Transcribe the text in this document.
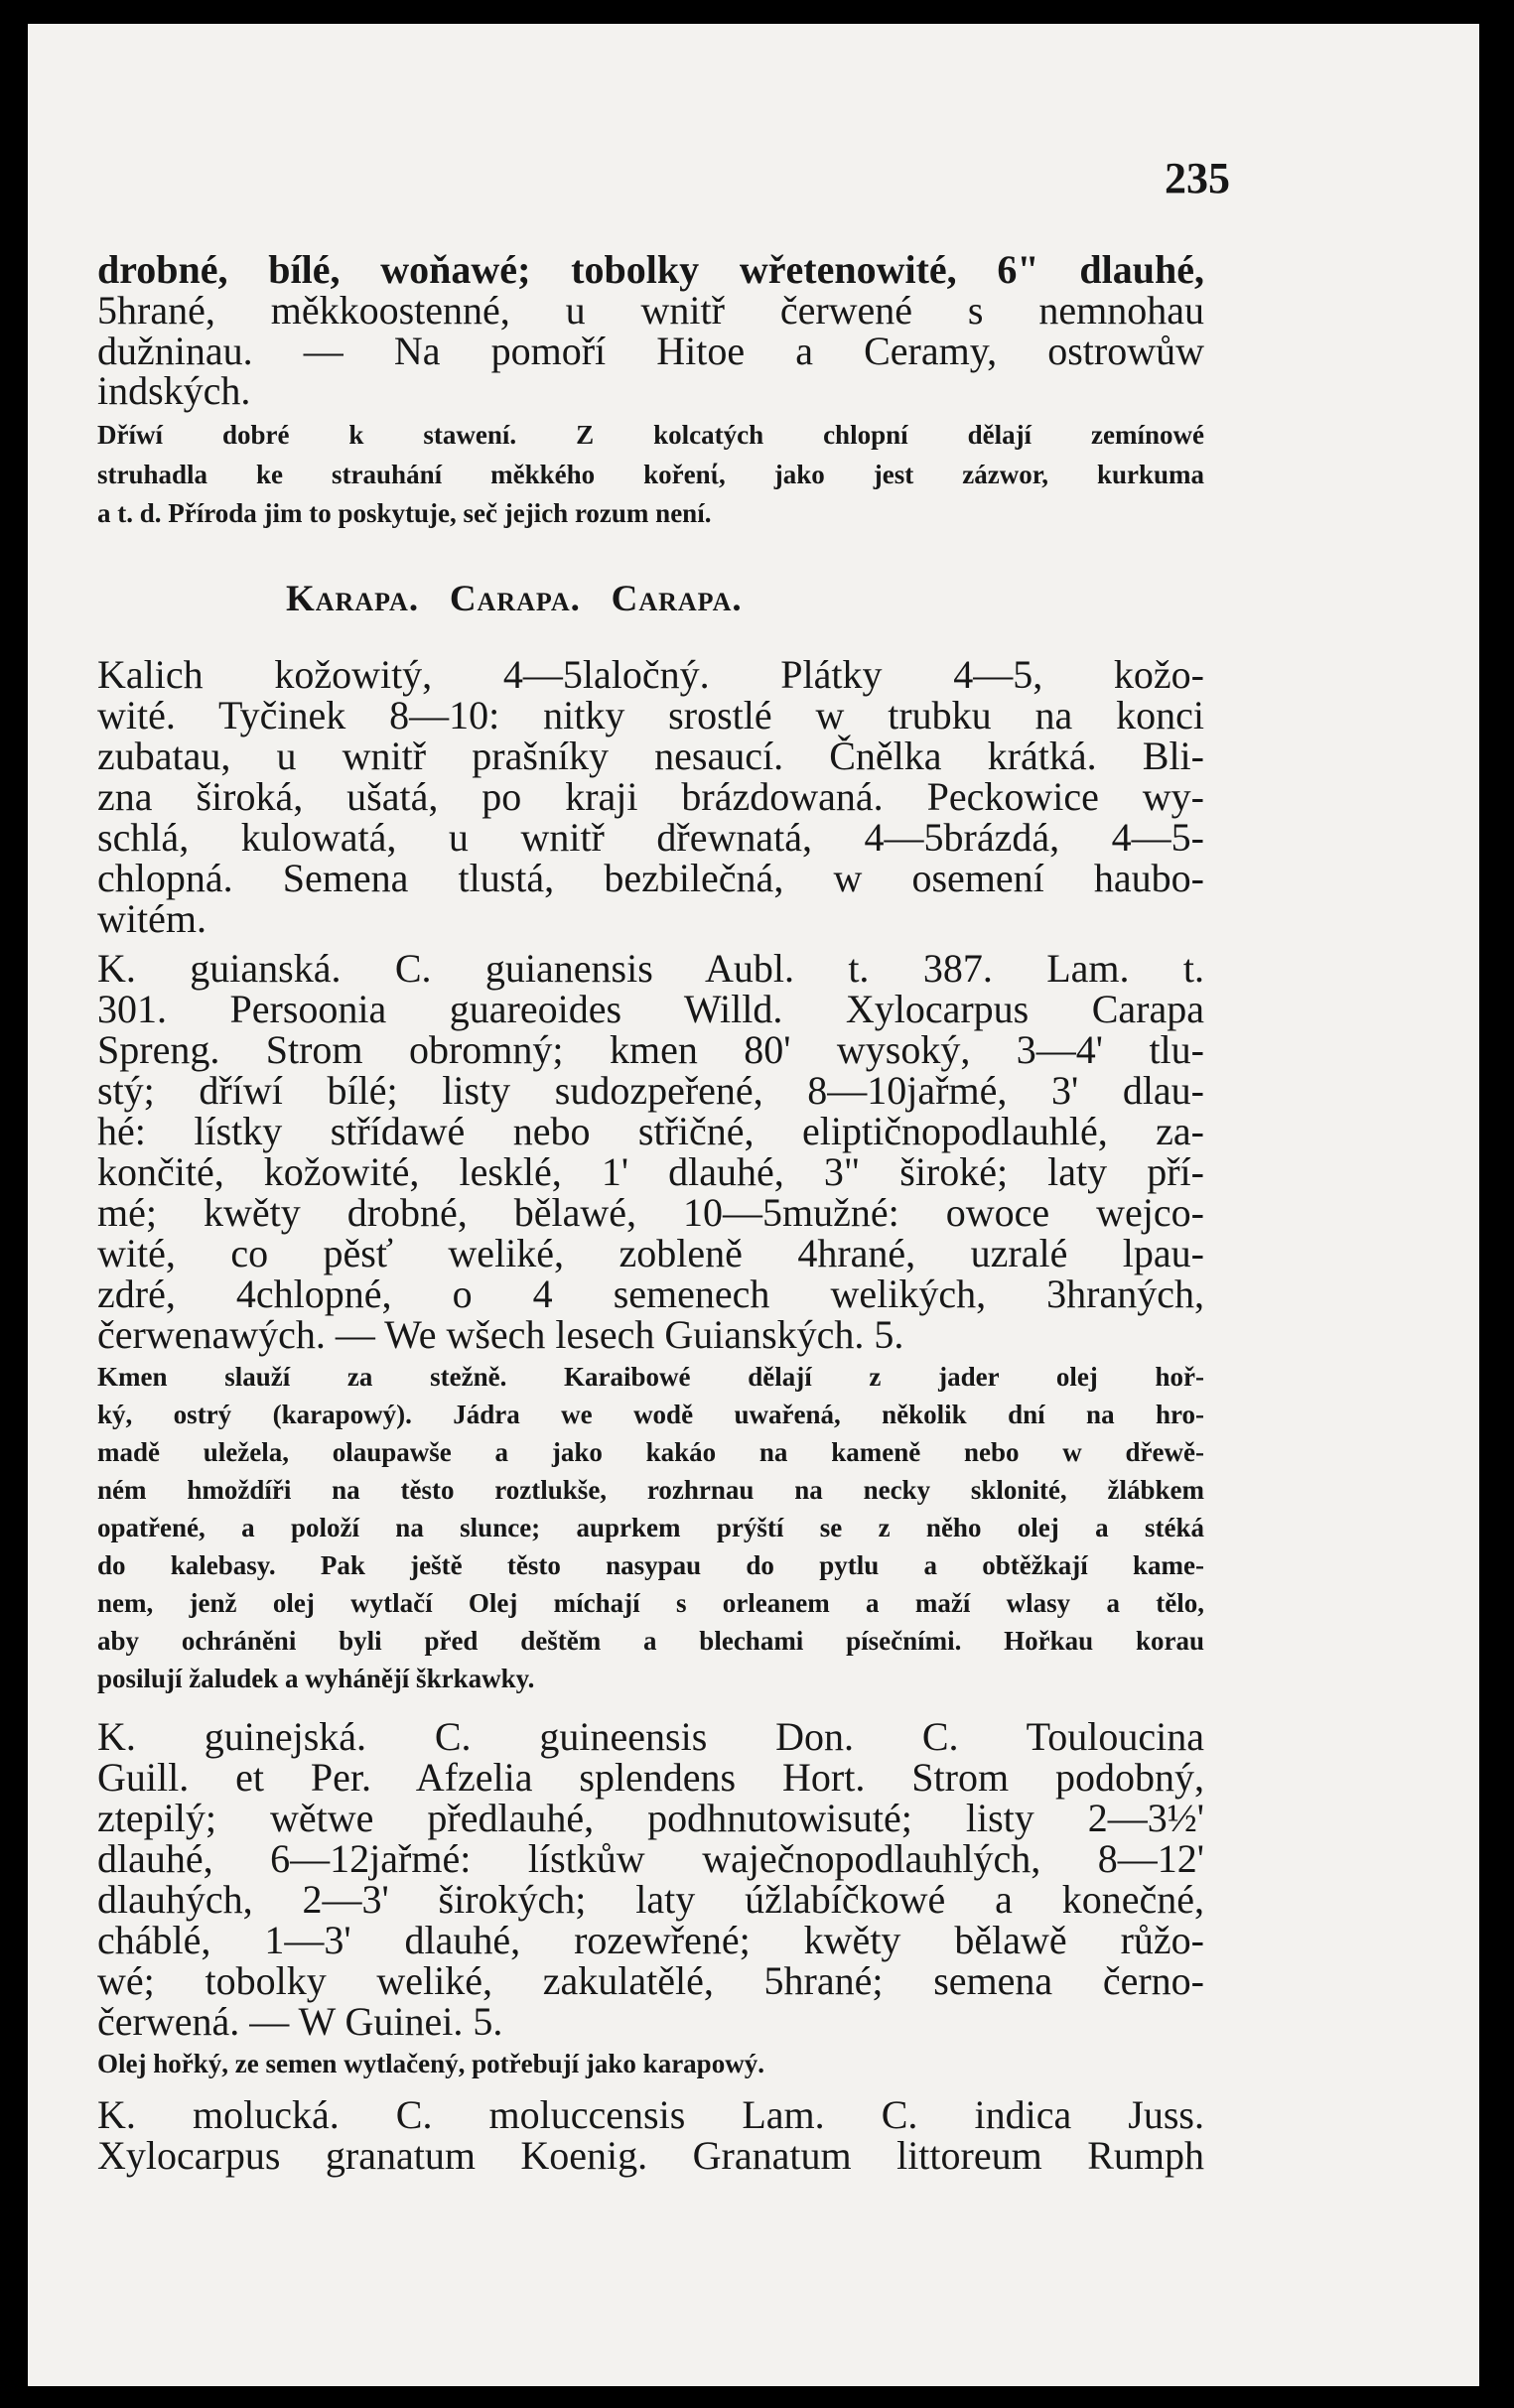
235
drobné, bílé, woňawé; tobolky wřetenowité, 6" dlauhé,
5hrané, měkkoostenné, u wnitř čerwené s nemnohau
dužninau. — Na pomoří Hitoe a Ceramy, ostrowůw
indských.
Dříwí dobré k stawení. Z kolcatých chlopní dělají zemínowé
struhadla ke strauhání měkkého kořenί, jako jest zázwor, kurkuma
a t. d. Příroda jim to poskytuje, seč jejich rozum není.
Karapa.   Carapa.   Carapa.
Kalich kožowitý, 4—5laločný. Plátky 4—5, kožo-
wité. Tyčinek 8—10: nitky srostlé w trubku na konci
zubatau, u wnitř prašníky nesaucí. Čnělka krátká. Bli-
zna široká, ušatá, po kraji brázdowaná. Peckowice wy-
schlá, kulowatá, u wnitř dřewnatá, 4—5brázdá, 4—5-
chlopná. Semena tlustá, bezbilečná, w osemení haubo-
witém.
K. guianská. C. guianensis Aubl. t. 387. Lam. t.
301. Persoonia guareoides Willd. Xylocarpus Carapa
Spreng. Strom obromný; kmen 80' wysoký, 3—4' tlu-
stý; dříwí bílé; listy sudozpeřené, 8—10jařmé, 3' dlau-
hé: lístky střídawé nebo střičné, eliptičnopodlauhlé, za-
končité, kožowité, lesklé, 1' dlauhé, 3" široké; laty pří-
mé; kwěty drobné, bělawé, 10—5mužné: owoce wejco-
wité, co pěsť weliké, zobleně 4hrané, uzralé lpau-
zdré, 4chlopné, o 4 semenech welikých, 3hraných,
čerwenawých. — We wšech lesech Guianských. 5.
Kmen slauží za stežně. Karaibowé dělají z jader olej hoř-
ký, ostrý (karapowý). Jádra we wodě uwařená, několik dní na hro-
madě uležela, olaupawše a jako kakáo na kameně nebo w dřewě-
ném hmoždíři na těsto roztlukše, rozhrnau na necky sklonité, žlábkem
opatřené, a položí na slunce; auprkem prýští se z něho olej a stéká
do kalebasy. Pak ještě těsto nasypau do pytlu a obtěžkají kame-
nem, jenž olej wytlačí Olej míchají s orleanem a maží wlasy a tělo,
aby ochráněni byli před deštěm a blechami písečními. Hořkau korau
posilují žaludek a wyhánějí škrkawky.
K. guinejská. C. guineensis Don. C. Touloucina
Guill. et Per. Afzelia splendens Hort. Strom podobný,
ztepilý; wětwe předlauhé, podhnutowisuté; listy 2—3½'
dlauhé, 6—12jařmé: lístkůw waječnopodlauhlých, 8—12'
dlauhých, 2—3' širokých; laty úžlabíčkowé a konečné,
cháblé, 1—3' dlauhé, rozewřené; kwěty bělawě růžo-
wé; tobolky weliké, zakulatělé, 5hrané; semena černo-
čerwená. — W Guinei. 5.
Olej hořký, ze semen wytlačený, potřebují jako karapowý.
K. molucká. C. moluccensis Lam. C. indica Juss.
Xylocarpus granatum Koenig. Granatum littoreum Rumph
